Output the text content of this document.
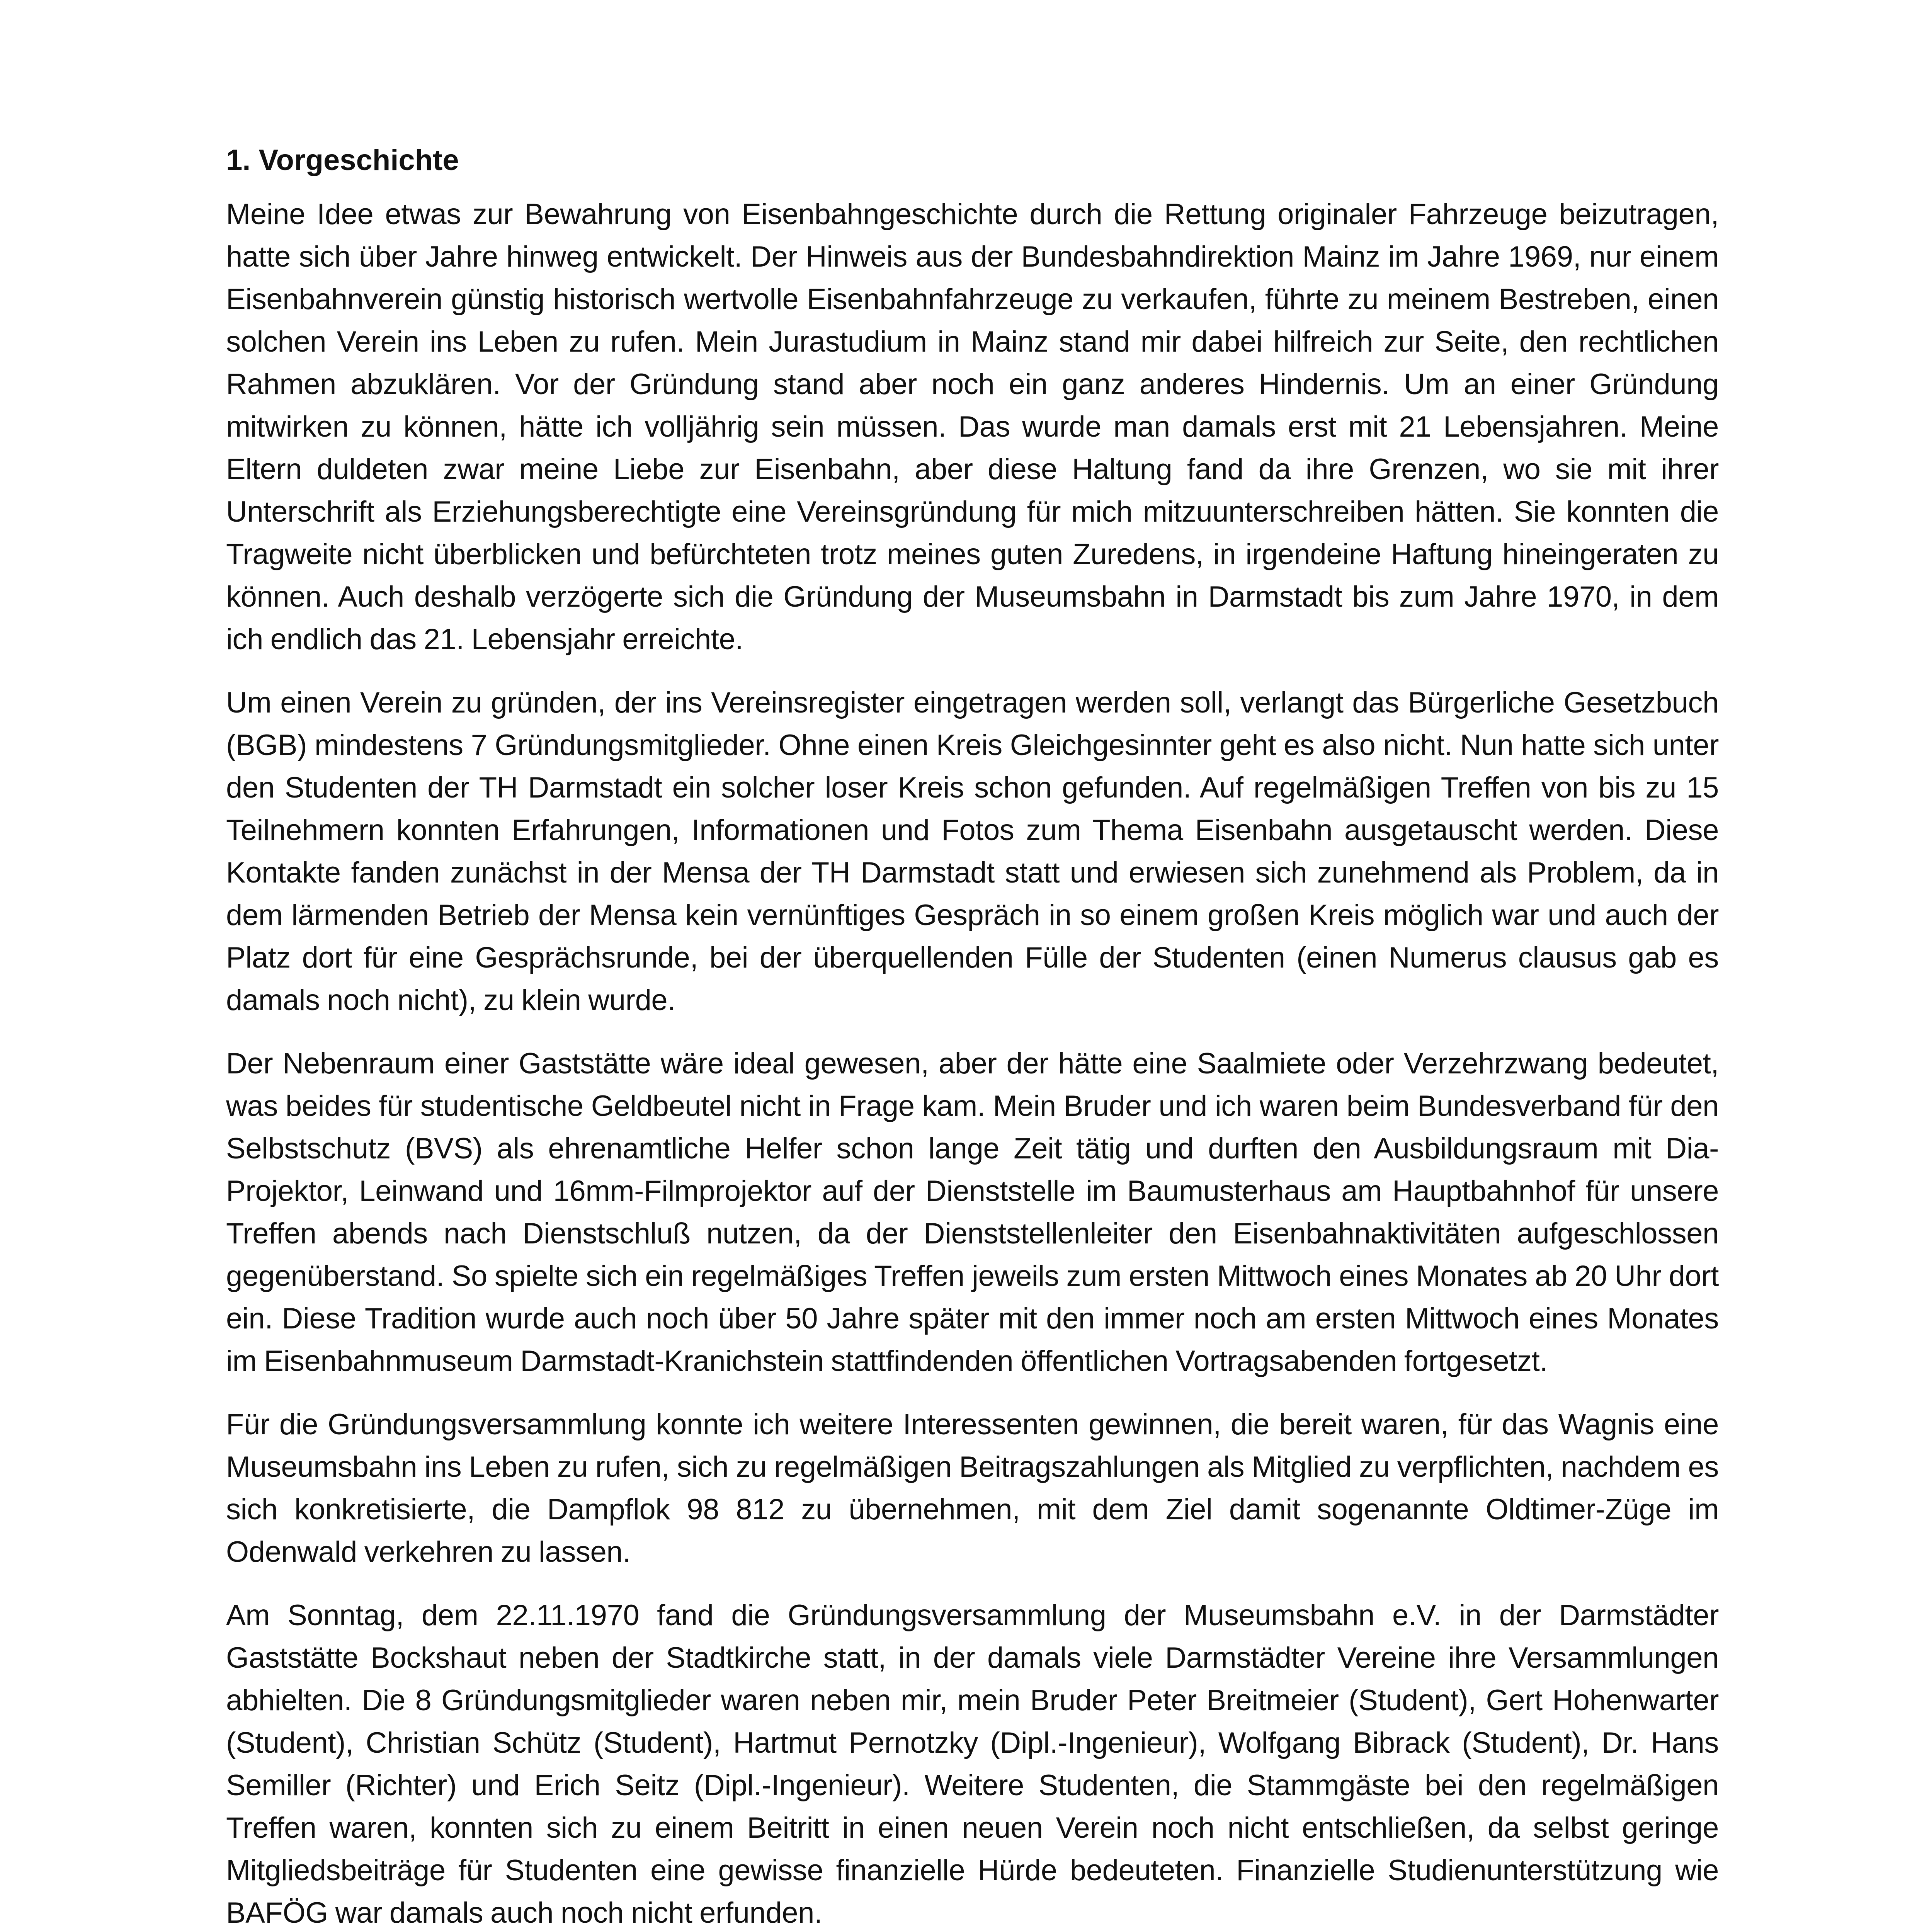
1. Vorgeschichte

Meine Idee etwas zur Bewahrung von Eisenbahngeschichte durch die Rettung originaler Fahrzeuge beizutragen, hatte sich über Jahre hinweg entwickelt. Der Hinweis aus der Bundesbahndirektion Mainz im Jahre 1969, nur einem Eisenbahnverein günstig historisch wertvolle Eisenbahnfahrzeuge zu verkaufen, führte zu meinem Bestreben, einen solchen Verein ins Leben zu rufen. Mein Jurastudium in Mainz stand mir dabei hilfreich zur Seite, den rechtlichen Rahmen abzuklären. Vor der Gründung stand aber noch ein ganz anderes Hindernis. Um an einer Gründung mitwirken zu können, hätte ich volljährig sein müssen. Das wurde man damals erst mit 21 Lebensjahren. Meine Eltern duldeten zwar meine Liebe zur Eisenbahn, aber diese Haltung fand da ihre Grenzen, wo sie mit ihrer Unterschrift als Erziehungsberechtigte eine Vereinsgründung für mich mitzuunterschreiben hätten. Sie konnten die Tragweite nicht überblicken und befürchteten trotz meines guten Zuredens, in irgendeine Haftung hineingeraten zu können. Auch deshalb verzögerte sich die Gründung der Museumsbahn in Darmstadt bis zum Jahre 1970, in dem ich endlich das 21. Lebensjahr erreichte.

Um einen Verein zu gründen, der ins Vereinsregister eingetragen werden soll, verlangt das Bürgerliche Gesetzbuch (BGB) mindestens 7 Gründungsmitglieder. Ohne einen Kreis Gleichgesinnter geht es also nicht. Nun hatte sich unter den Studenten der TH Darmstadt ein solcher loser Kreis schon gefunden. Auf regelmäßigen Treffen von bis zu 15 Teilnehmern konnten Erfahrungen, Informationen und Fotos zum Thema Eisenbahn ausgetauscht werden. Diese Kontakte fanden zunächst in der Mensa der TH Darmstadt statt und erwiesen sich zunehmend als Problem, da in dem lärmenden Betrieb der Mensa kein vernünftiges Gespräch in so einem großen Kreis möglich war und auch der Platz dort für eine Gesprächsrunde, bei der überquellenden Fülle der Studenten (einen Numerus clausus gab es damals noch nicht), zu klein wurde.

Der Nebenraum einer Gaststätte wäre ideal gewesen, aber der hätte eine Saalmiete oder Verzehrzwang bedeutet, was beides für studentische Geldbeutel nicht in Frage kam. Mein Bruder und ich waren beim Bundesverband für den Selbstschutz (BVS) als ehrenamtliche Helfer schon lange Zeit tätig und durften den Ausbildungsraum mit Dia-Projektor, Leinwand und 16mm-Filmprojektor auf der Dienststelle im Baumusterhaus am Hauptbahnhof für unsere Treffen abends nach Dienstschluß nutzen, da der Dienststellenleiter den Eisenbahnaktivitäten aufgeschlossen gegenüberstand. So spielte sich ein regelmäßiges Treffen jeweils zum ersten Mittwoch eines Monates ab 20 Uhr dort ein. Diese Tradition wurde auch noch über 50 Jahre später mit den immer noch am ersten Mittwoch eines Monates im Eisenbahnmuseum Darmstadt-Kranichstein stattfindenden öffentlichen Vortragsabenden fortgesetzt.

Für die Gründungsversammlung konnte ich weitere Interessenten gewinnen, die bereit waren, für das Wagnis eine Museumsbahn ins Leben zu rufen, sich zu regelmäßigen Beitragszahlungen als Mitglied zu verpflichten, nachdem es sich konkretisierte, die Dampflok 98 812 zu übernehmen, mit dem Ziel damit sogenannte Oldtimer-Züge im Odenwald verkehren zu lassen.

Am Sonntag, dem 22.11.1970 fand die Gründungsversammlung der Museumsbahn e.V. in der Darmstädter Gaststätte Bockshaut neben der Stadtkirche statt, in der damals viele Darmstädter Vereine ihre Versammlungen abhielten. Die 8 Gründungsmitglieder waren neben mir, mein Bruder Peter Breitmeier (Student), Gert Hohenwarter (Student), Christian Schütz (Student), Hartmut Pernotzky (Dipl.-Ingenieur), Wolfgang Bibrack (Student), Dr. Hans Semiller (Richter) und Erich Seitz (Dipl.-Ingenieur). Weitere Studenten, die Stammgäste bei den regelmäßigen Treffen waren, konnten sich zu einem Beitritt in einen neuen Verein noch nicht entschließen, da selbst geringe Mitgliedsbeiträge für Studenten eine gewisse finanzielle Hürde bedeuteten. Finanzielle Studienunterstützung wie BAFÖG war damals auch noch nicht erfunden.
